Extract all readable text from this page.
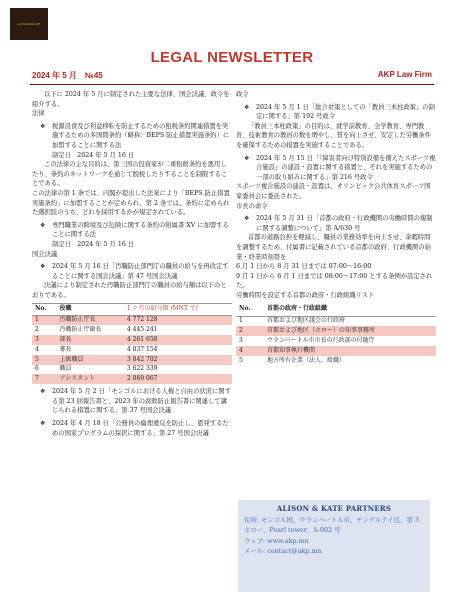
ALISON&KATE
LEGAL NEWSLETTER
2024 年 5 月　№45	AKP Law Firm

以下に 2024 年 5 月に制定された主要な法律、国会決議、政令を紹介する。

法律

❖	税源浸食及び利益移転を防止するための租税条約関連措置を実施するための多国間条約（略称：BEPS 防止措置実施条約）に加盟することに関する法

制定日　2024 年 5 月 16 日

この法律の主な目的は、第三国の投資家が二重租税条約を悪用したり、条約のネットワークを通じて脱税したりすることを制限することである。

この法律の第 1 条では、内閣が提出した法案により「BEPS 防止措置実施条約」に加盟することが定められ、第 2 条では、条約に定められた選択肢のうち、どれを採用するかが規定されている。

❖	専門職業の跨境及び危険に関する条約の附属書 XV に加盟することに関する法

制定日　2024 年 5 月 16 日

国会決議

❖	2024 年 5 月 16 日「汚職防止部門庁の職員の給与を再改定することに関する国会決議」第 47 号国会決議

決議により制定された汚職防止部門庁の職員の給与額は以下のとおりである。

No.	役職	1 ケ月の給与額 /MNT で/
1	汚職防止庁長	4 772 128
2	汚職防止庁副長	4 445 241
3	部長	4 261 658
4	審長	4 037 154
5	上級職員	3 842 702
6	職員	3 622 339
7	アシスタント	2 069 067
❖	2024 年 5 月 2 日「モンゴルにおける人権と自由の状況に関する第 23 回報告書と、2023 年の腐敗防止報告書に関連して講じられる措置に関する」第 37 号国会決議
❖	2024 年 4 月 18 日「公務員の倫理違反を防止し、恩発するための国家プログラムの採択に関する」第 27 号国会決議

政令

❖	2024 年 5 月 1 日「総合対策としての「教員三本柱政策」の制定に関する」第 192 号政令

「教員三本柱政策」の目的は、就学前教育、全学教育、専門教育、技術教育の教員の数を増やし、質を向上させ、安定した労働条件を確保するための措置を実施することである。

❖	2024 年 5 月 15 日「『障害者向け特別設備を備えたスポーツ複合施設』の建設・設置に関する措置と、それを実施するための一部の取り組みに関する」第 216 号政令

スポーツ複合施設の建設・設置は、オリンピック公共体育スポーツ国家委員会に委託された。

市長の命令

❖	2024 年 5 月 31 日「首都の政府・行政機関の労働時間の規制に関する調整について」第 A/630 号

首都の道路負担を軽減し、職員の業務効率を向上させ、余暇時間を調整するため、付属書に記載されている首都の政府、行政機関の始業・終業時刻帯を

6 月 1 日から 8 月 31 日までは 07:00～16:00

9 月 1 日から 6 月 1 日までは 08:00～17:00 とする条例が設定された。

労働時間を設定する首都の政府・行政組織リスト

No.	首都の政府・行政組織
1	首都および地区議会の行政府
2	首都および地区（ホロー）の知事事務所
3	ウランバートル市市長の行政部の付随庁
4	首都知事執行機関
5	地方所有企業（法人、組織）
ALISON & KATE PARTNERS
住所: モンゴル国、ウランバートル市、チンゲルテイ区、第 3 ホロー、Pearl tower、A-902 号
ウェブ: www.akp.mn
メール: contact@akp.mn
